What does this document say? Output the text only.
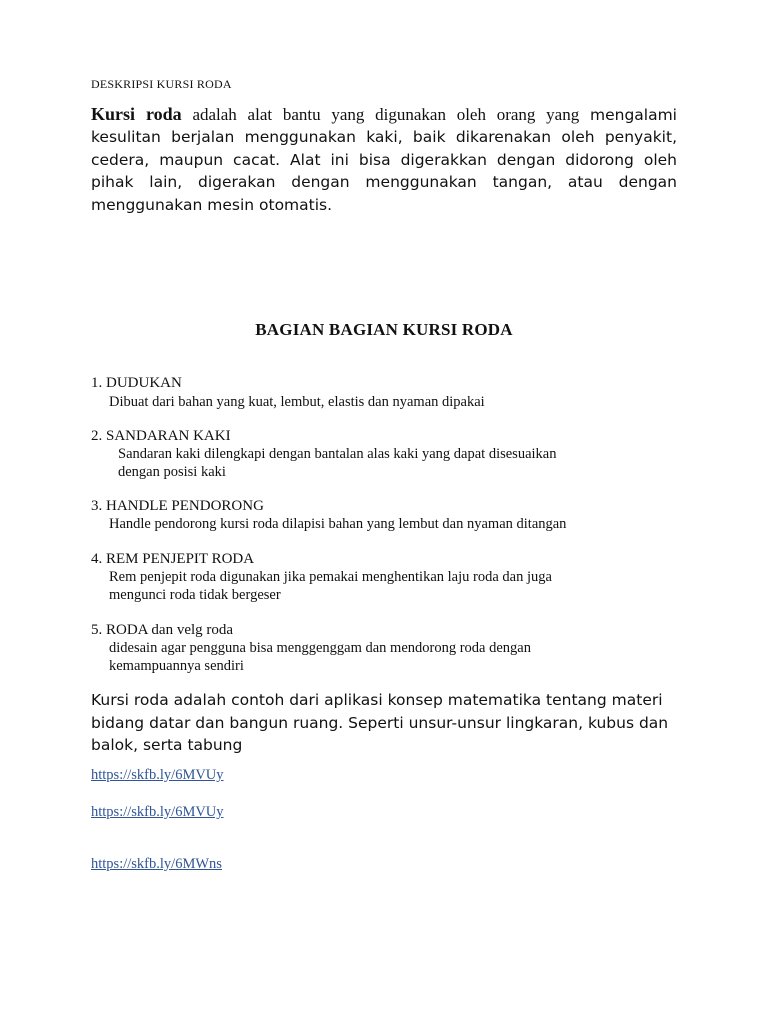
DESKRIPSI KURSI RODA
Kursi roda adalah alat bantu yang digunakan oleh orang yang mengalami kesulitan berjalan menggunakan kaki, baik dikarenakan oleh penyakit, cedera, maupun cacat. Alat ini bisa digerakkan dengan didorong oleh pihak lain, digerakan dengan menggunakan tangan, atau dengan menggunakan mesin otomatis.
BAGIAN BAGIAN KURSI RODA
1. DUDUKAN
Dibuat dari bahan yang kuat, lembut, elastis dan nyaman dipakai
2. SANDARAN KAKI
Sandaran kaki dilengkapi dengan bantalan alas kaki yang dapat disesuaikan
dengan posisi kaki
3. HANDLE PENDORONG
Handle pendorong kursi roda dilapisi bahan yang lembut dan nyaman ditangan
4. REM PENJEPIT RODA
Rem penjepit roda digunakan jika pemakai menghentikan laju roda dan juga
mengunci roda tidak bergeser
5. RODA dan velg roda
didesain agar pengguna bisa menggenggam dan mendorong roda dengan
kemampuannya sendiri
Kursi roda adalah contoh dari aplikasi konsep matematika tentang materi bidang datar dan bangun ruang. Seperti unsur-unsur lingkaran, kubus dan balok, serta tabung
https://skfb.ly/6MVUy
https://skfb.ly/6MVUy
https://skfb.ly/6MWns
